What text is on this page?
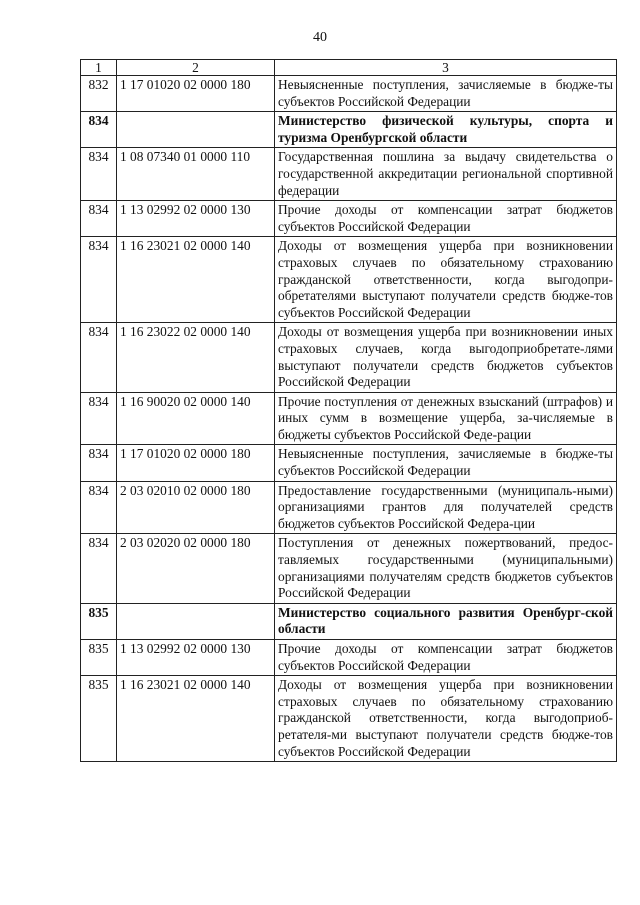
40
1	2	3
832	1 17 01020 02 0000 180	Невыясненные поступления, зачисляемые в бюдже-ты субъектов Российской Федерации
834		Министерство физической культуры, спорта и туризма Оренбургской области
834	1 08 07340 01 0000 110	Государственная пошлина за выдачу свидетельства о государственной аккредитации региональной спортивной федерации
834	1 13 02992 02 0000 130	Прочие доходы от компенсации затрат бюджетов субъектов Российской Федерации
834	1 16 23021 02 0000 140	Доходы от возмещения ущерба при возникновении страховых случаев по обязательному страхованию гражданской ответственности, когда выгодопри-обретателями выступают получатели средств бюдже-тов субъектов Российской Федерации
834	1 16 23022 02 0000 140	Доходы от возмещения ущерба при возникновении иных страховых случаев, когда выгодоприобретате-лями выступают получатели средств бюджетов субъектов Российской Федерации
834	1 16 90020 02 0000 140	Прочие поступления от денежных взысканий (штрафов) и иных сумм в возмещение ущерба, за-числяемые в бюджеты субъектов Российской Феде-рации
834	1 17 01020 02 0000 180	Невыясненные поступления, зачисляемые в бюдже-ты субъектов Российской Федерации
834	2 03 02010 02 0000 180	Предоставление государственными (муниципаль-ными) организациями грантов для получателей средств бюджетов субъектов Российской Федера-ции
834	2 03 02020 02 0000 180	Поступления от денежных пожертвований, предос-тавляемых государственными (муниципальными) организациями получателям средств бюджетов субъектов Российской Федерации
835		Министерство социального развития Оренбург-ской области
835	1 13 02992 02 0000 130	Прочие доходы от компенсации затрат бюджетов субъектов Российской Федерации
835	1 16 23021 02 0000 140	Доходы от возмещения ущерба при возникновении страховых случаев по обязательному страхованию гражданской ответственности, когда выгодоприоб-ретателя-ми выступают получатели средств бюдже-тов субъектов Российской Федерации
